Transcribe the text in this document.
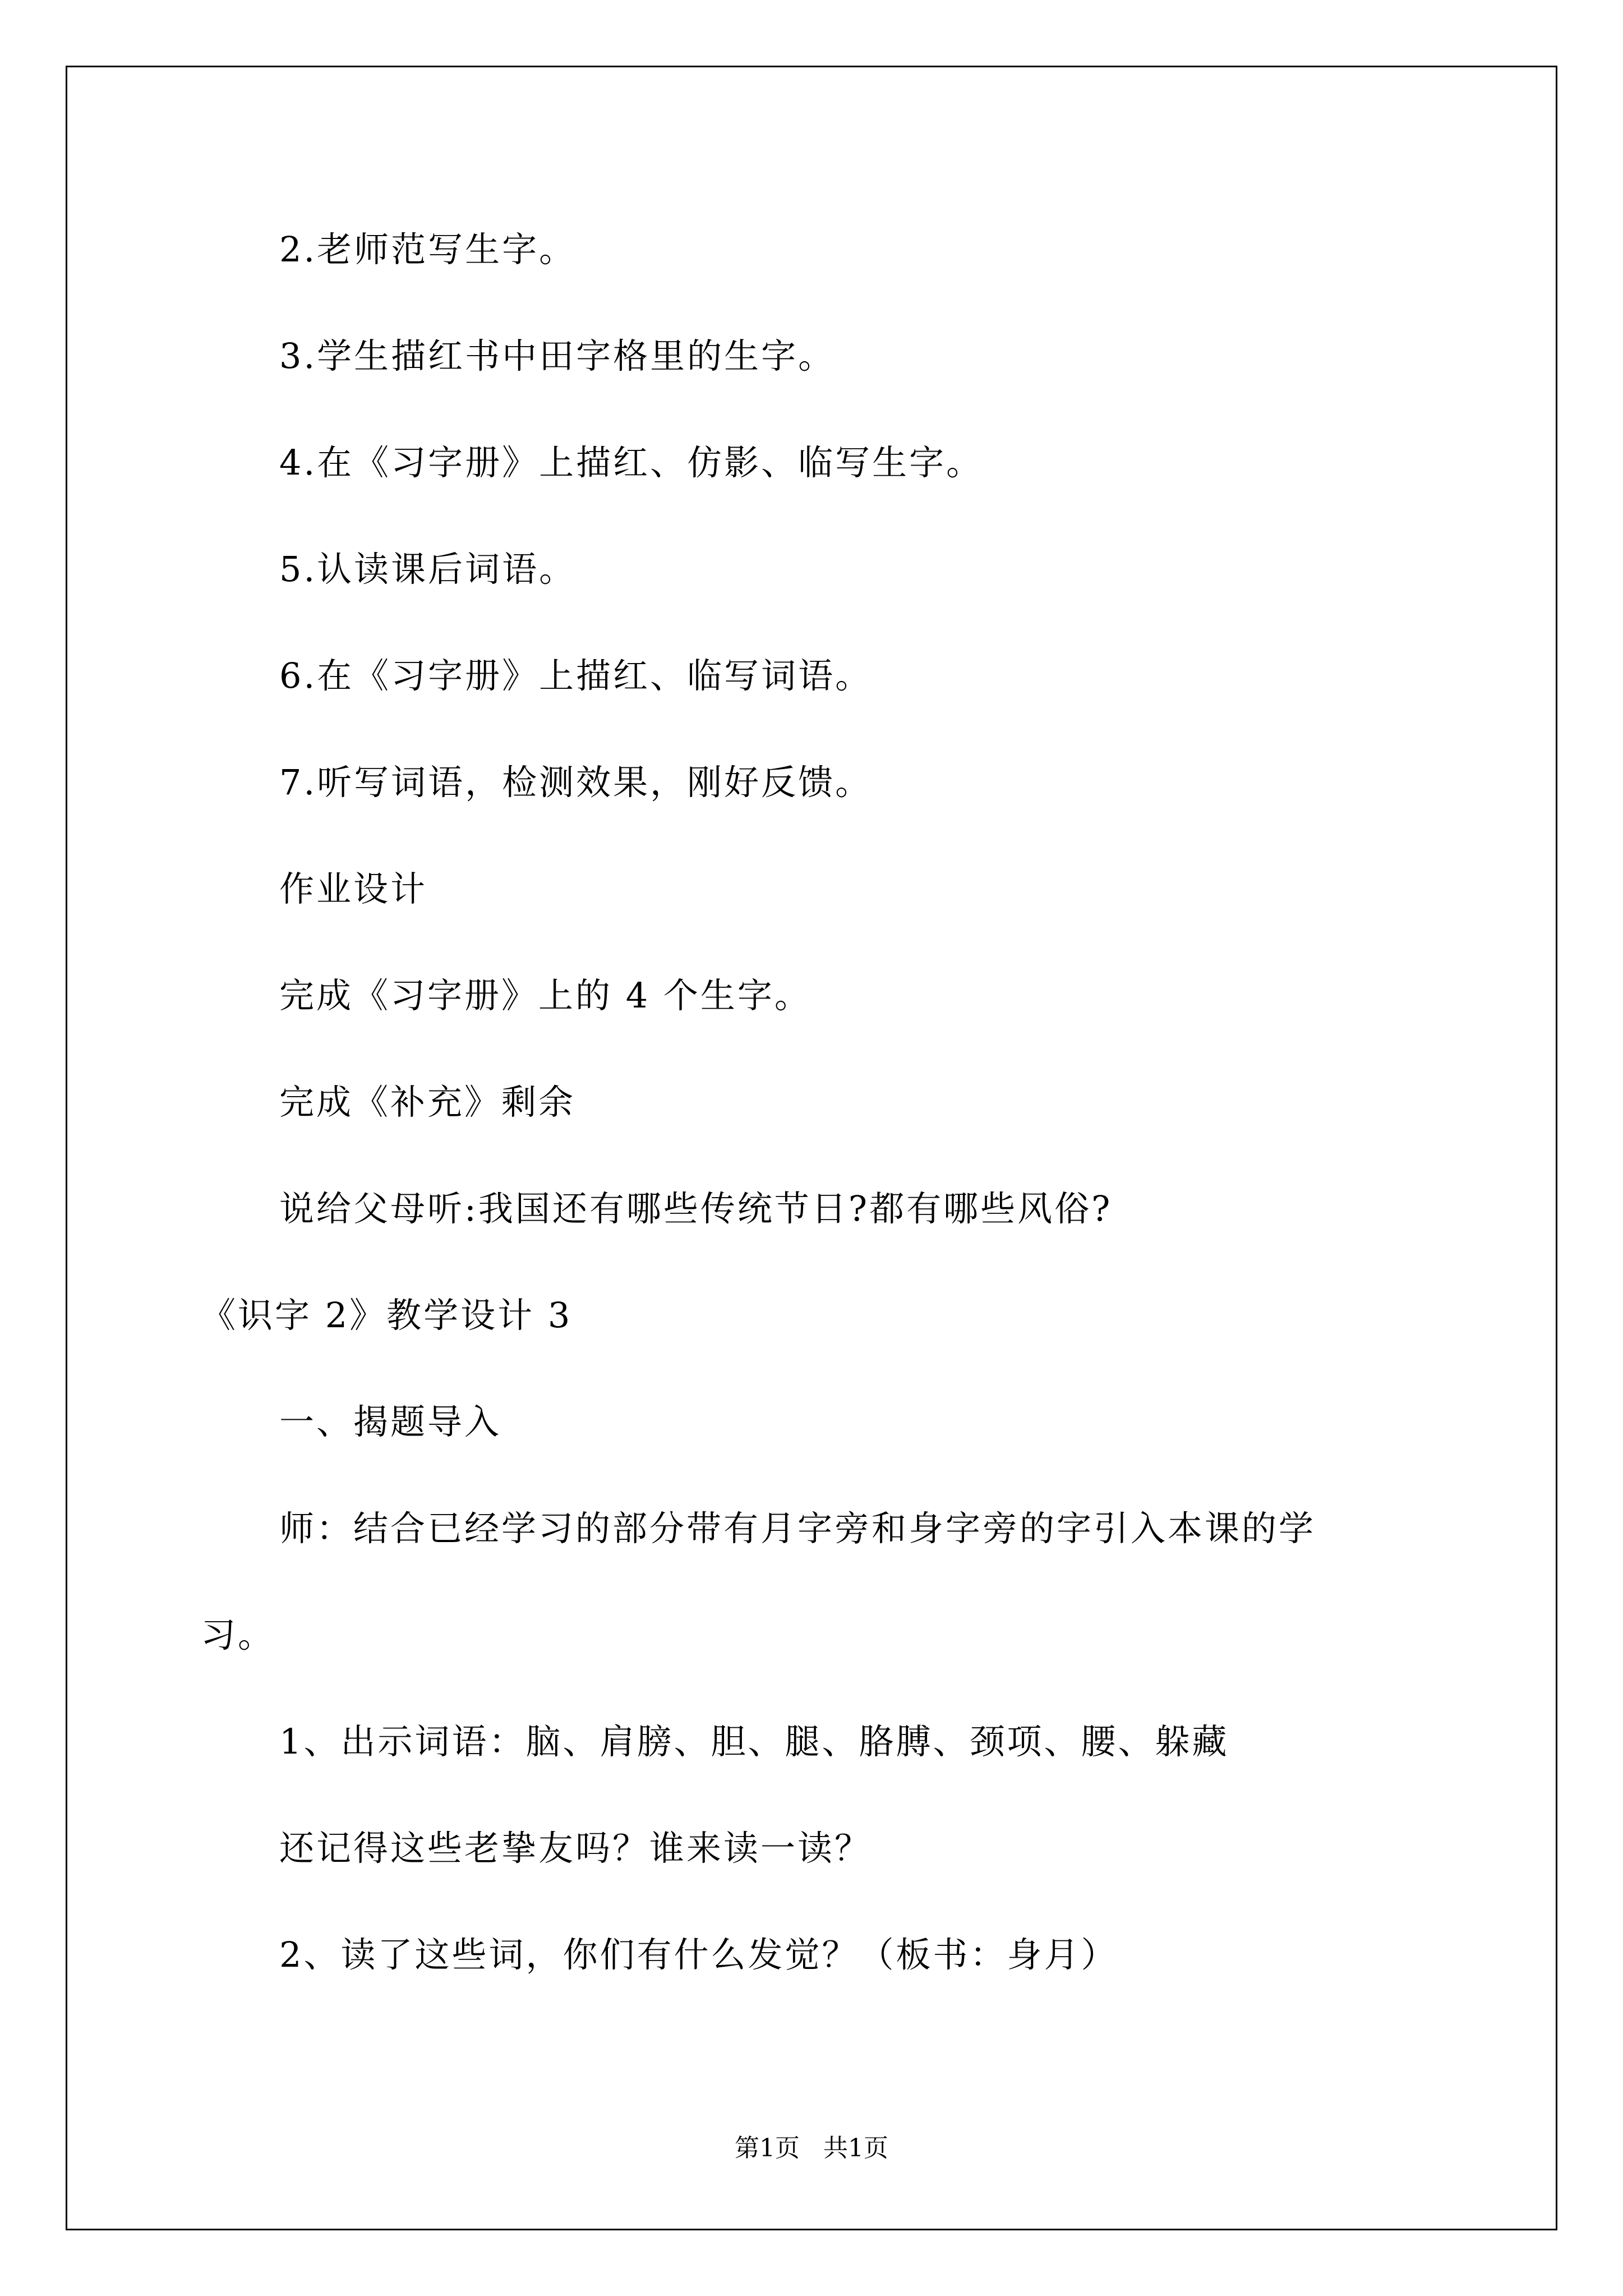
2.老师范写生字。
3.学生描红书中田字格里的生字。
4.在《习字册》上描红、仿影、临写生字。
5.认读课后词语。
6.在《习字册》上描红、临写词语。
7.听写词语，检测效果，刚好反馈。
作业设计
完成《习字册》上的 4 个生字。
完成《补充》剩余
说给父母听:我国还有哪些传统节日?都有哪些风俗?
《识字 2》教学设计 3
一、揭题导入
师：结合已经学习的部分带有月字旁和身字旁的字引入本课的学
习。
1、出示词语：脑、肩膀、胆、腿、胳膊、颈项、腰、躲藏
还记得这些老挚友吗？谁来读一读？
2、读了这些词，你们有什么发觉？（板书：身月）
第1页   共1页
